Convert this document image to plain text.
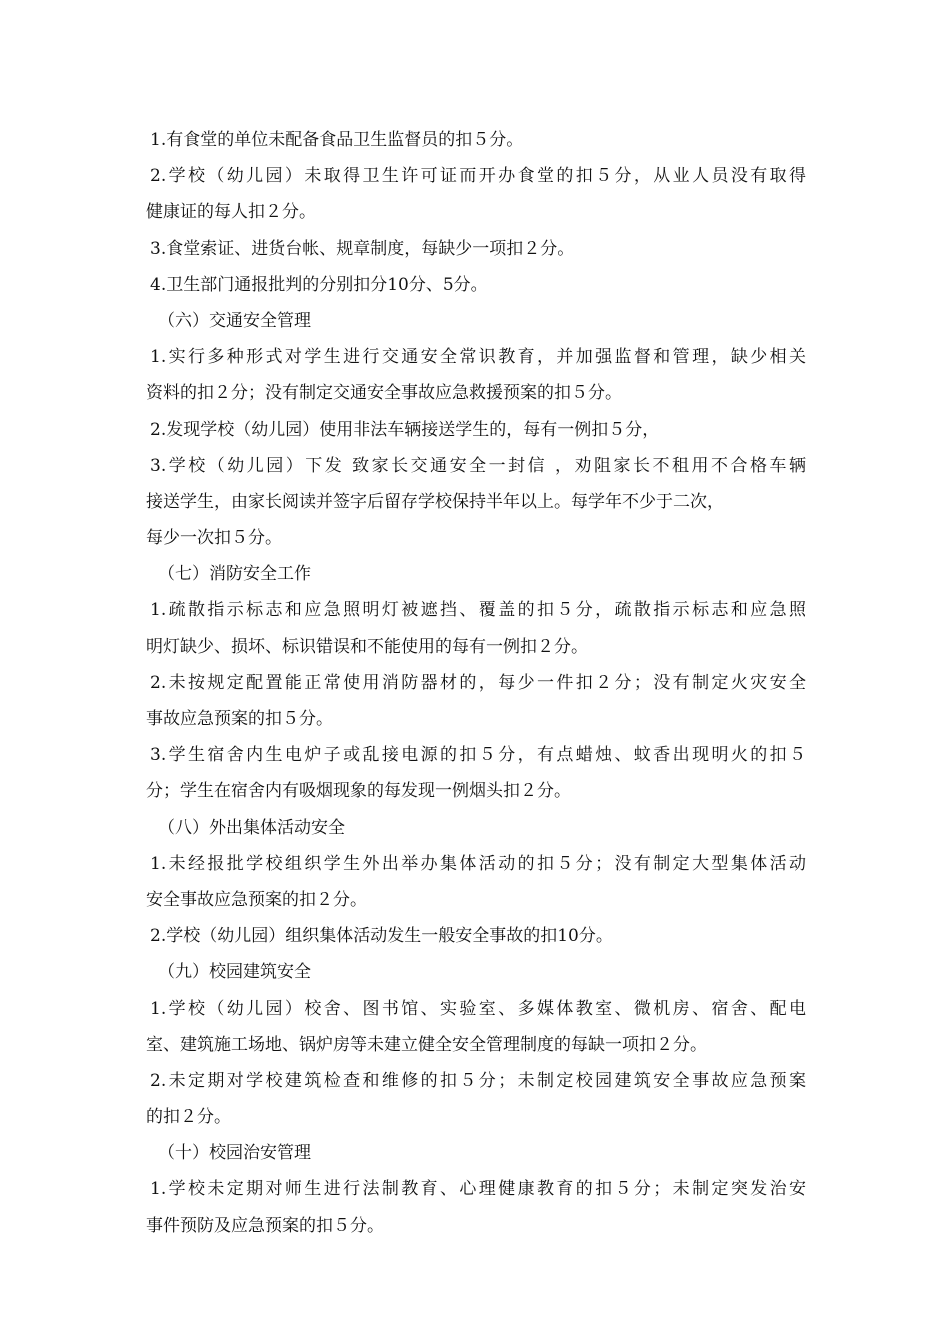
1.有食堂的单位未配备食品卫生监督员的扣５分。
2.学校（幼儿园）未取得卫生许可证而开办食堂的扣５分，从业人员没有取得
健康证的每人扣２分。
3.食堂索证、进货台帐、规章制度，每缺少一项扣２分。
4.卫生部门通报批判的分别扣分10分、5分。
（六）交通安全管理
1.实行多种形式对学生进行交通安全常识教育，并加强监督和管理，缺少相关
资料的扣２分；没有制定交通安全事故应急救援预案的扣５分。
2.发现学校（幼儿园）使用非法车辆接送学生的，每有一例扣５分，
3.学校（幼儿园）下发 致家长交通安全一封信 ，劝阻家长不租用不合格车辆
接送学生，由家长阅读并签字后留存学校保持半年以上。每学年不少于二次，
每少一次扣５分。
（七）消防安全工作
1.疏散指示标志和应急照明灯被遮挡、覆盖的扣５分，疏散指示标志和应急照
明灯缺少、损坏、标识错误和不能使用的每有一例扣２分。
2.未按规定配置能正常使用消防器材的，每少一件扣２分；没有制定火灾安全
事故应急预案的扣５分。
3.学生宿舍内生电炉子或乱接电源的扣５分，有点蜡烛、蚊香出现明火的扣５
分；学生在宿舍内有吸烟现象的每发现一例烟头扣２分。
（八）外出集体活动安全
1.未经报批学校组织学生外出举办集体活动的扣５分；没有制定大型集体活动
安全事故应急预案的扣２分。
2.学校（幼儿园）组织集体活动发生一般安全事故的扣10分。
（九）校园建筑安全
1.学校（幼儿园）校舍、图书馆、实验室、多媒体教室、微机房、宿舍、配电
室、建筑施工场地、锅炉房等未建立健全安全管理制度的每缺一项扣２分。
2.未定期对学校建筑检查和维修的扣５分；未制定校园建筑安全事故应急预案
的扣２分。
（十）校园治安管理
1.学校未定期对师生进行法制教育、心理健康教育的扣５分；未制定突发治安
事件预防及应急预案的扣５分。
